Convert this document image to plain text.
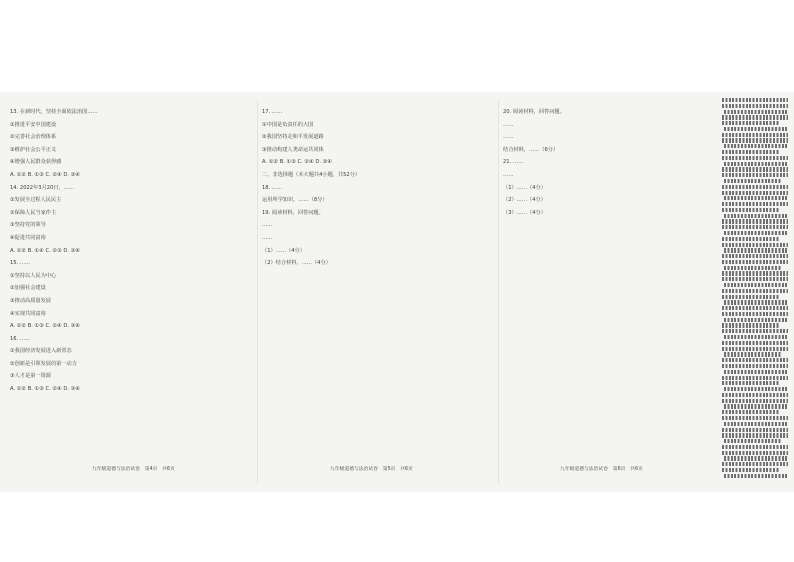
13. 在新时代，坚持全面依法治国……

①推进平安中国建设

②完善社会治理体系

③维护社会公平正义

④增强人民群众获得感

A. ①② B. ①③ C. ②④ D. ③④

14. 2022年3月20日，……

①发展全过程人民民主

②保障人民当家作主

③坚持党的领导

④促进共同富裕

A. ①② B. ①④ C. ②③ D. ③④

15. ……

①坚持以人民为中心

②加强社会建设

③推动高质量发展

④实现共同富裕

A. ①② B. ①③ C. ②④ D. ③④

16. ……

①我国经济发展进入新常态

②创新是引领发展的第一动力

③人才是第一资源

A. ①② B. ①③ C. ②④ D. ③④

17. ……

①中国是负责任的大国

②我国坚持走和平发展道路

③推动构建人类命运共同体

A. ①② B. ①③ C. ②④ D. ③④

二、非选择题（本大题共4小题，共52分）

18. ……

运用所学知识，……（8分）

19. 阅读材料，回答问题。

……

……

（1）……（4分）

（2）结合材料，……（4分）

20. 阅读材料，回答问题。

……

……

结合材料，……（6分）

21. ……

……

（1）……（4分）

（2）……（4分）

（3）……（4分）

九年级道德与法治试卷　第4页　共6页	九年级道德与法治试卷　第5页　共6页	九年级道德与法治试卷　第6页　共6页
